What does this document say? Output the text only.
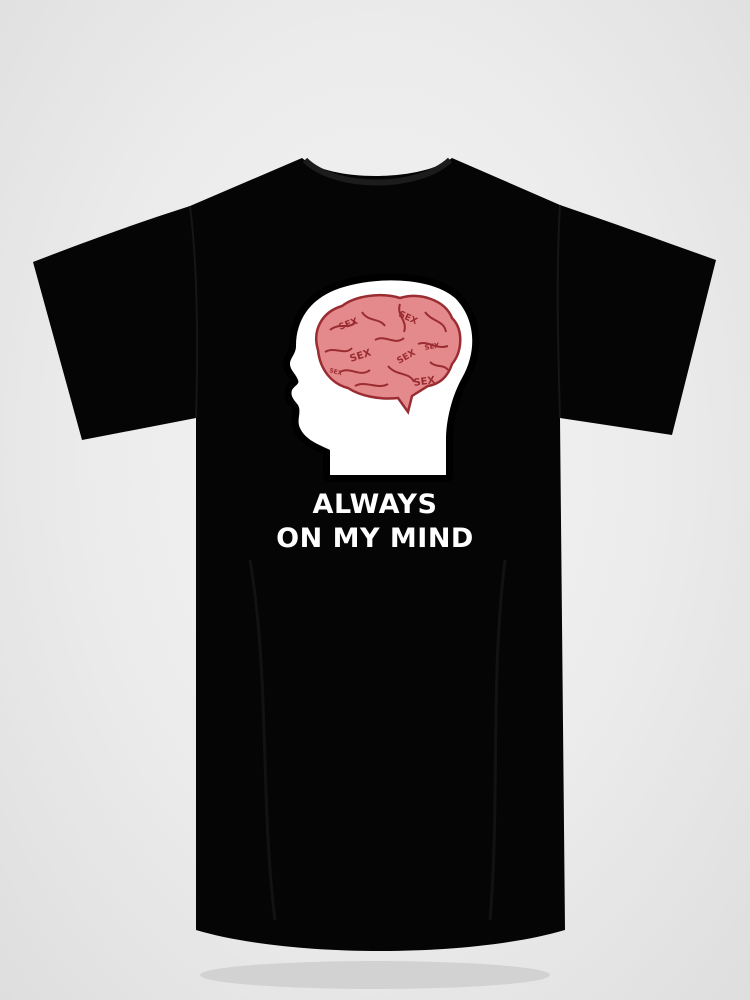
SEX	SEX
SEX	SEX
SEX
SEX
SEX
ALWAYS
ON MY MIND
